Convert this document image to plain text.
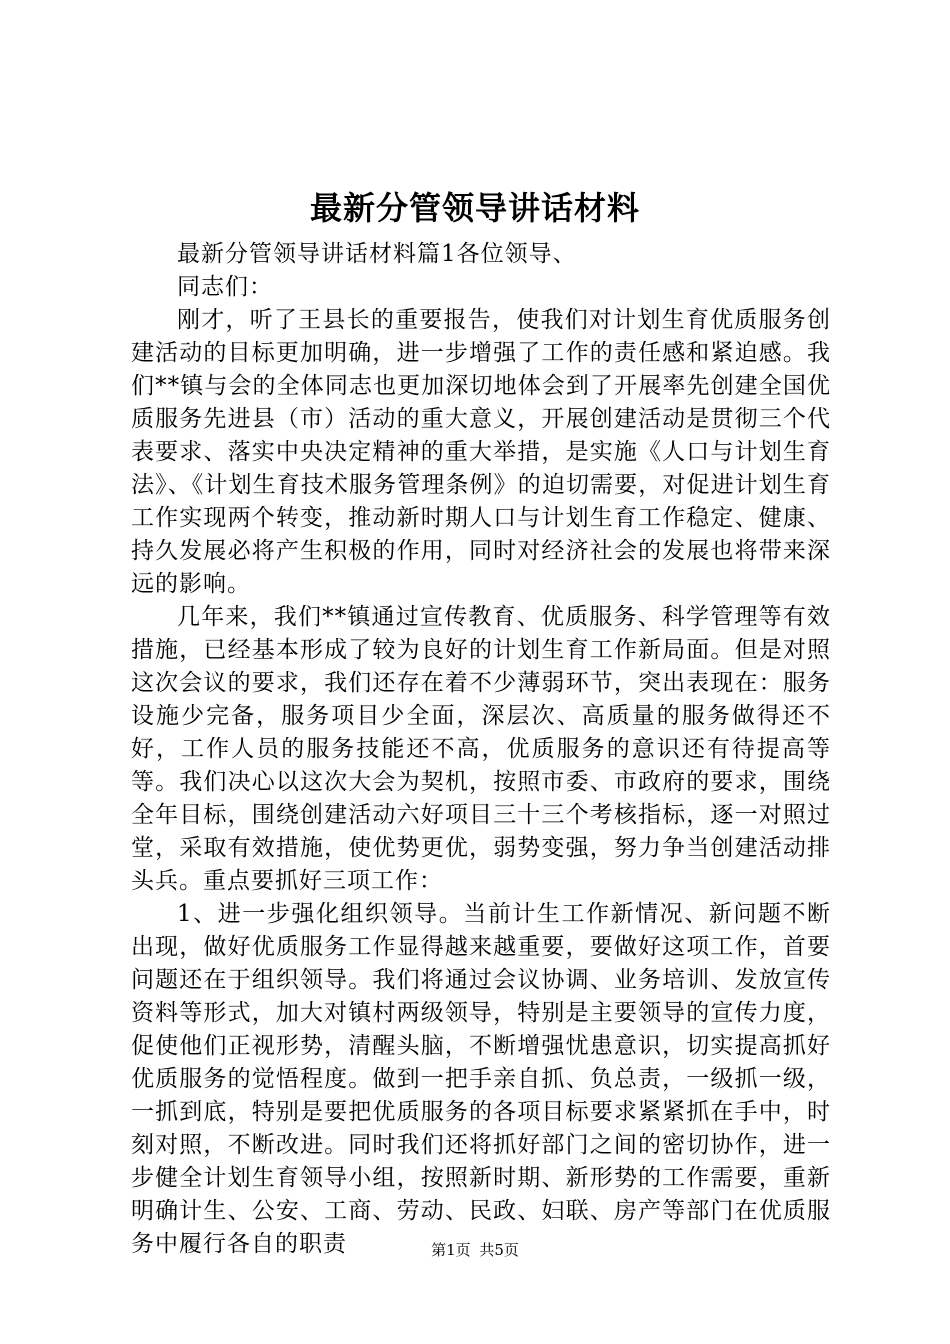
最新分管领导讲话材料

最新分管领导讲话材料篇1各位领导、

同志们：

刚才，听了王县长的重要报告，使我们对计划生育优质服务创建活动的目标更加明确，进一步增强了工作的责任感和紧迫感。我们**镇与会的全体同志也更加深切地体会到了开展率先创建全国优质服务先进县（市）活动的重大意义，开展创建活动是贯彻三个代表要求、落实中央决定精神的重大举措，是实施《人口与计划生育法》、《计划生育技术服务管理条例》的迫切需要，对促进计划生育工作实现两个转变，推动新时期人口与计划生育工作稳定、健康、持久发展必将产生积极的作用，同时对经济社会的发展也将带来深远的影响。

几年来，我们**镇通过宣传教育、优质服务、科学管理等有效措施，已经基本形成了较为良好的计划生育工作新局面。但是对照这次会议的要求，我们还存在着不少薄弱环节，突出表现在：服务设施少完备，服务项目少全面，深层次、高质量的服务做得还不好，工作人员的服务技能还不高，优质服务的意识还有待提高等等。我们决心以这次大会为契机，按照市委、市政府的要求，围绕全年目标，围绕创建活动六好项目三十三个考核指标，逐一对照过堂，采取有效措施，使优势更优，弱势变强，努力争当创建活动排头兵。重点要抓好三项工作：

1、进一步强化组织领导。当前计生工作新情况、新问题不断出现，做好优质服务工作显得越来越重要，要做好这项工作，首要问题还在于组织领导。我们将通过会议协调、业务培训、发放宣传资料等形式，加大对镇村两级领导，特别是主要领导的宣传力度，促使他们正视形势，清醒头脑，不断增强忧患意识，切实提高抓好优质服务的觉悟程度。做到一把手亲自抓、负总责，一级抓一级，一抓到底，特别是要把优质服务的各项目标要求紧紧抓在手中，时刻对照，不断改进。同时我们还将抓好部门之间的密切协作，进一步健全计划生育领导小组，按照新时期、新形势的工作需要，重新明确计生、公安、工商、劳动、民政、妇联、房产等部门在优质服务中履行各自的职责	第1页 共5页
